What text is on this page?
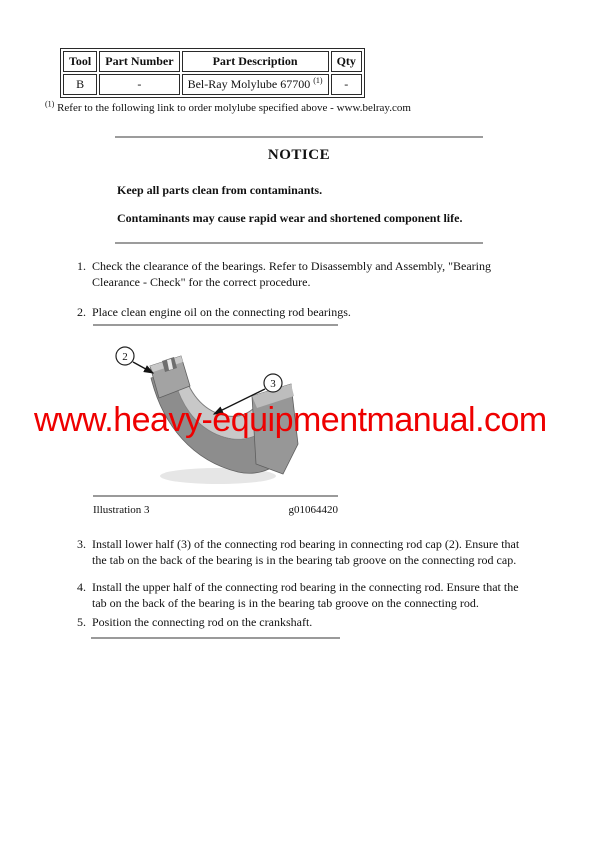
Tool	Part Number	Part Description	Qty
B	-	Bel-Ray Molylube 67700 $^{(1)}$	-
$^{(1)}$ Refer to the following link to order molylube specified above - www.belray.com
NOTICE
Keep all parts clean from contaminants.
Contaminants may cause rapid wear and shortened component life.
1. Check the clearance of the bearings. Refer to Disassembly and Assembly, "Bearing Clearance - Check" for the correct procedure.
2. Place clean engine oil on the connecting rod bearings.
2
3
Illustration 3	g01064420
3. Install lower half (3) of the connecting rod bearing in connecting rod cap (2). Ensure that the tab on the back of the bearing is in the bearing tab groove on the connecting rod cap.
4. Install the upper half of the connecting rod bearing in the connecting rod. Ensure that the tab on the back of the bearing is in the bearing tab groove on the connecting rod.
5. Position the connecting rod on the crankshaft.
www.heavy-equipmentmanual.com
